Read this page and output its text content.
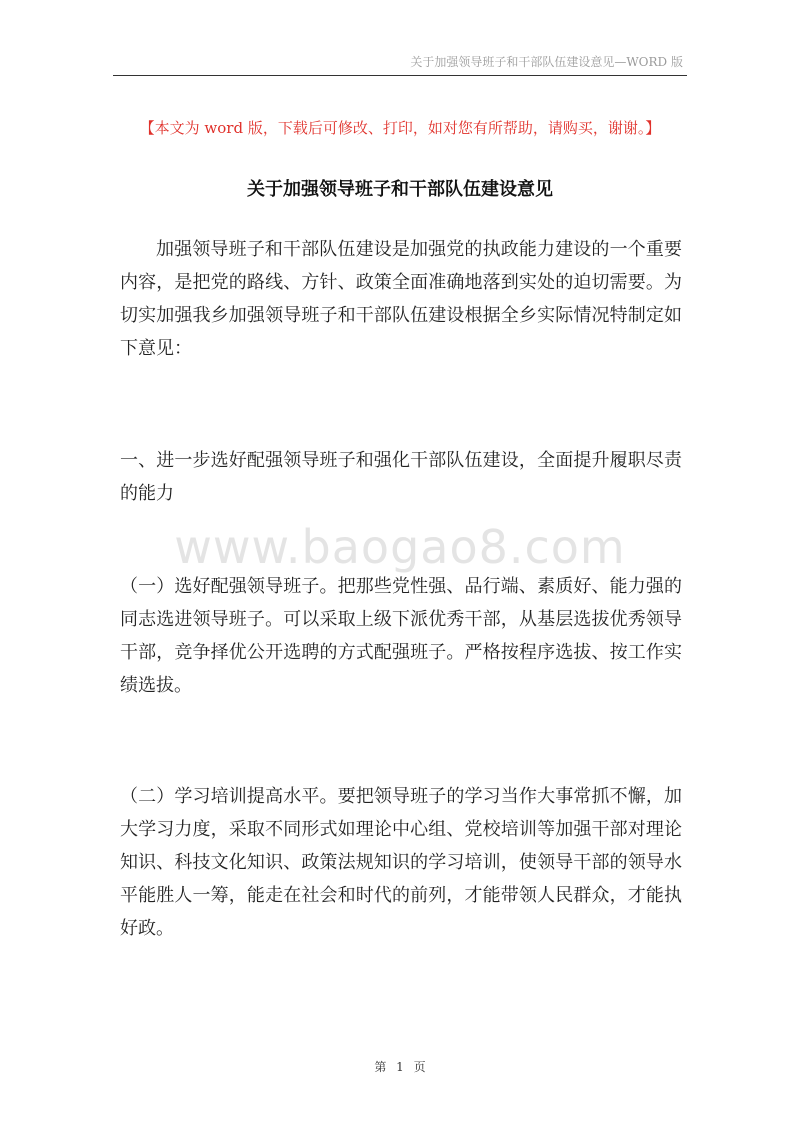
关于加强领导班子和干部队伍建设意见—WORD 版
【本文为 word 版，下载后可修改、打印，如对您有所帮助，请购买，谢谢。】
关于加强领导班子和干部队伍建设意见

加强领导班子和干部队伍建设是加强党的执政能力建设的一个重要内容，是把党的路线、方针、政策全面准确地落到实处的迫切需要。为切实加强我乡加强领导班子和干部队伍建设根据全乡实际情况特制定如下意见：

一、进一步选好配强领导班子和强化干部队伍建设，全面提升履职尽责的能力

www.baogao8.com

（一）选好配强领导班子。把那些党性强、品行端、素质好、能力强的同志选进领导班子。可以采取上级下派优秀干部，从基层选拔优秀领导干部，竞争择优公开选聘的方式配强班子。严格按程序选拔、按工作实绩选拔。

（二）学习培训提高水平。要把领导班子的学习当作大事常抓不懈，加大学习力度，采取不同形式如理论中心组、党校培训等加强干部对理论知识、科技文化知识、政策法规知识的学习培训，使领导干部的领导水平能胜人一筹，能走在社会和时代的前列，才能带领人民群众，才能执好政。

第 1 页
